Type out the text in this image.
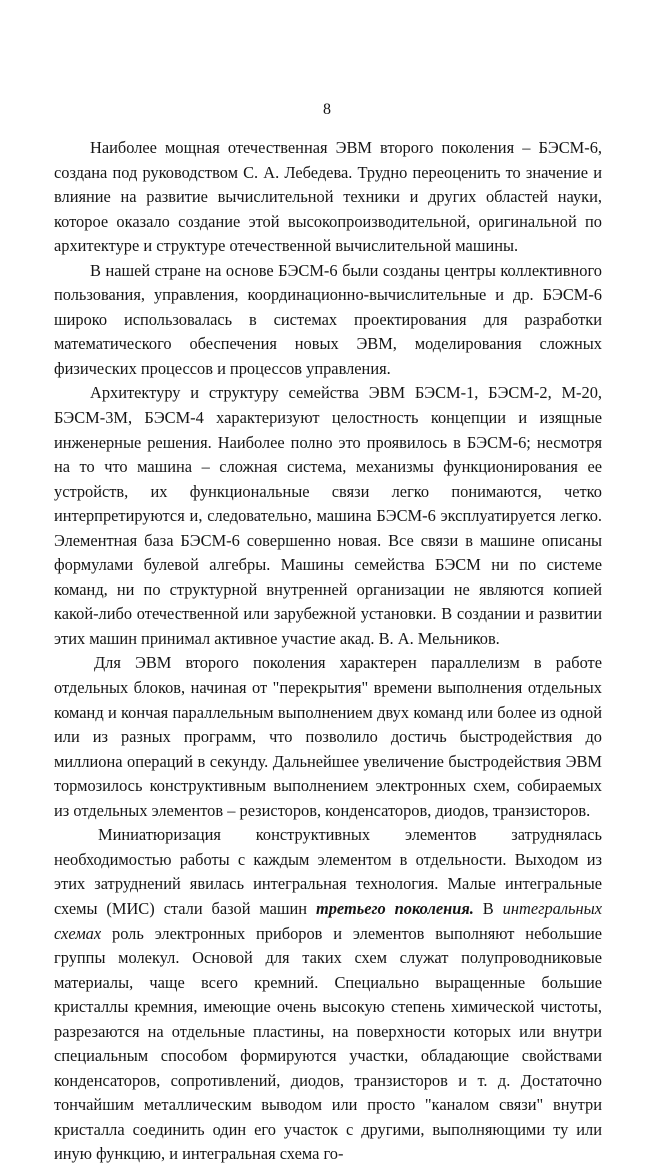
8

Наиболее мощная отечественная ЭВМ второго поколения – БЭСМ-6, создана под руководством С. А. Лебедева. Трудно переоценить то значение и влияние на развитие вычислительной техники и других областей науки, которое оказало создание этой высокопроизводительной, оригинальной по архитектуре и структуре отечественной вычислительной машины.

В нашей стране на основе БЭСМ-6 были созданы центры коллективного пользования, управления, координационно-вычислительные и др. БЭСМ-6 широко использовалась в системах проектирования для разработки математического обеспечения новых ЭВМ, моделирования сложных физических процессов и процессов управления.

Архитектуру и структуру семейства ЭВМ БЭСМ-1, БЭСМ-2, М-20, БЭСМ-3М, БЭСМ-4 характеризуют целостность концепции и изящные инженерные решения. Наиболее полно это проявилось в БЭСМ-6; несмотря на то что машина – сложная система, механизмы функционирования ее устройств, их функциональные связи легко понимаются, четко интерпретируются и, следовательно, машина БЭСМ-6 эксплуатируется легко. Элементная база БЭСМ-6 совершенно новая. Все связи в машине описаны формулами булевой алгебры. Машины семейства БЭСМ ни по системе команд, ни по структурной внутренней организации не являются копией какой-либо отечественной или зарубежной установки. В создании и развитии этих машин принимал активное участие акад. В. А. Мельников.

Для ЭВМ второго поколения характерен параллелизм в работе отдельных блоков, начиная от "перекрытия" времени выполнения отдельных команд и кончая параллельным выполнением двух команд или более из одной или из разных программ, что позволило достичь быстродействия до миллиона операций в секунду. Дальнейшее увеличение быстродействия ЭВМ тормозилось конструктивным выполнением электронных схем, собираемых из отдельных элементов – резисторов, конденсаторов, диодов, транзисторов.

Миниатюризация конструктивных элементов затруднялась необходимостью работы с каждым элементом в отдельности. Выходом из этих затруднений явилась интегральная технология. Малые интегральные схемы (МИС) стали базой машин третьего поколения. В интегральных схемах роль электронных приборов и элементов выполняют небольшие группы молекул. Основой для таких схем служат полупроводниковые материалы, чаще всего кремний. Специально выращенные большие кристаллы кремния, имеющие очень высокую степень химической чистоты, разрезаются на отдельные пластины, на поверхности которых или внутри специальным способом формируются участки, обладающие свойствами конденсаторов, сопротивлений, диодов, транзисторов и т. д. Достаточно тончайшим металлическим выводом или просто "каналом связи" внутри кристалла соединить один его участок с другими, выполняющими ту или иную функцию, и интегральная схема го-
